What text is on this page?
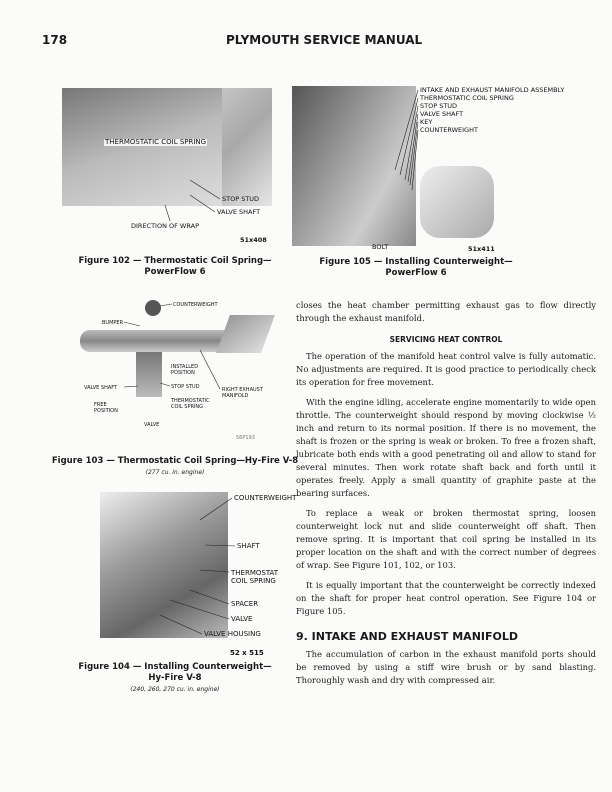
178	PLYMOUTH SERVICE MANUAL
THERMOSTATIC COIL SPRING
STOP STUD
VALVE SHAFT
DIRECTION OF WRAP
51x408
Figure 102 — Thermostatic Coil Spring—
PowerFlow 6
COUNTERWEIGHT
BUMPER
INSTALLED POSITION
VALVE SHAFT	STOP STUD	RIGHT EXHAUST MANIFOLD
FREE POSITION
THERMOSTATIC COIL SPRING
VALVE
56P193
Figure 103 — Thermostatic Coil Spring—Hy-Fire V-8
(277 cu. in. engine)
COUNTERWEIGHT
SHAFT
THERMOSTAT COIL SPRING
SPACER
VALVE
VALVE HOUSING
52 x 515
Figure 104 — Installing Counterweight—
Hy-Fire V-8
(240, 260, 270 cu. in. engine)
INTAKE AND EXHAUST MANIFOLD ASSEMBLY
THERMOSTATIC COIL SPRING
STOP STUD
VALVE SHAFT
KEY
COUNTERWEIGHT
BOLT	51x411
Figure 105 — Installing Counterweight—
PowerFlow 6

closes the heat chamber permitting exhaust gas to flow directly through the exhaust manifold.

SERVICING HEAT CONTROL

The operation of the manifold heat control valve is fully automatic. No adjustments are required. It is good practice to periodically check its operation for free movement.

With the engine idling, accelerate engine momentarily to wide open throttle. The counterweight should respond by moving clockwise ½ inch and return to its normal position. If there is no movement, the shaft is frozen or the spring is weak or broken. To free a frozen shaft, lubricate both ends with a good penetrating oil and allow to stand for several minutes. Then work rotate shaft back and forth until it operates freely. Apply a small quantity of graphite paste at the bearing surfaces.

To replace a weak or broken thermostat spring, loosen counterweight lock nut and slide counterweight off shaft. Then remove spring. It is important that coil spring be installed in its proper location on the shaft and with the correct number of degrees of wrap. See Figure 101, 102, or 103.

It is equally important that the counterweight be correctly indexed on the shaft for proper heat control operation. See Figure 104 or Figure 105.

9. INTAKE AND EXHAUST MANIFOLD

The accumulation of carbon in the exhaust manifold ports should be removed by using a stiff wire brush or by sand blasting. Thoroughly wash and dry with compressed air.
